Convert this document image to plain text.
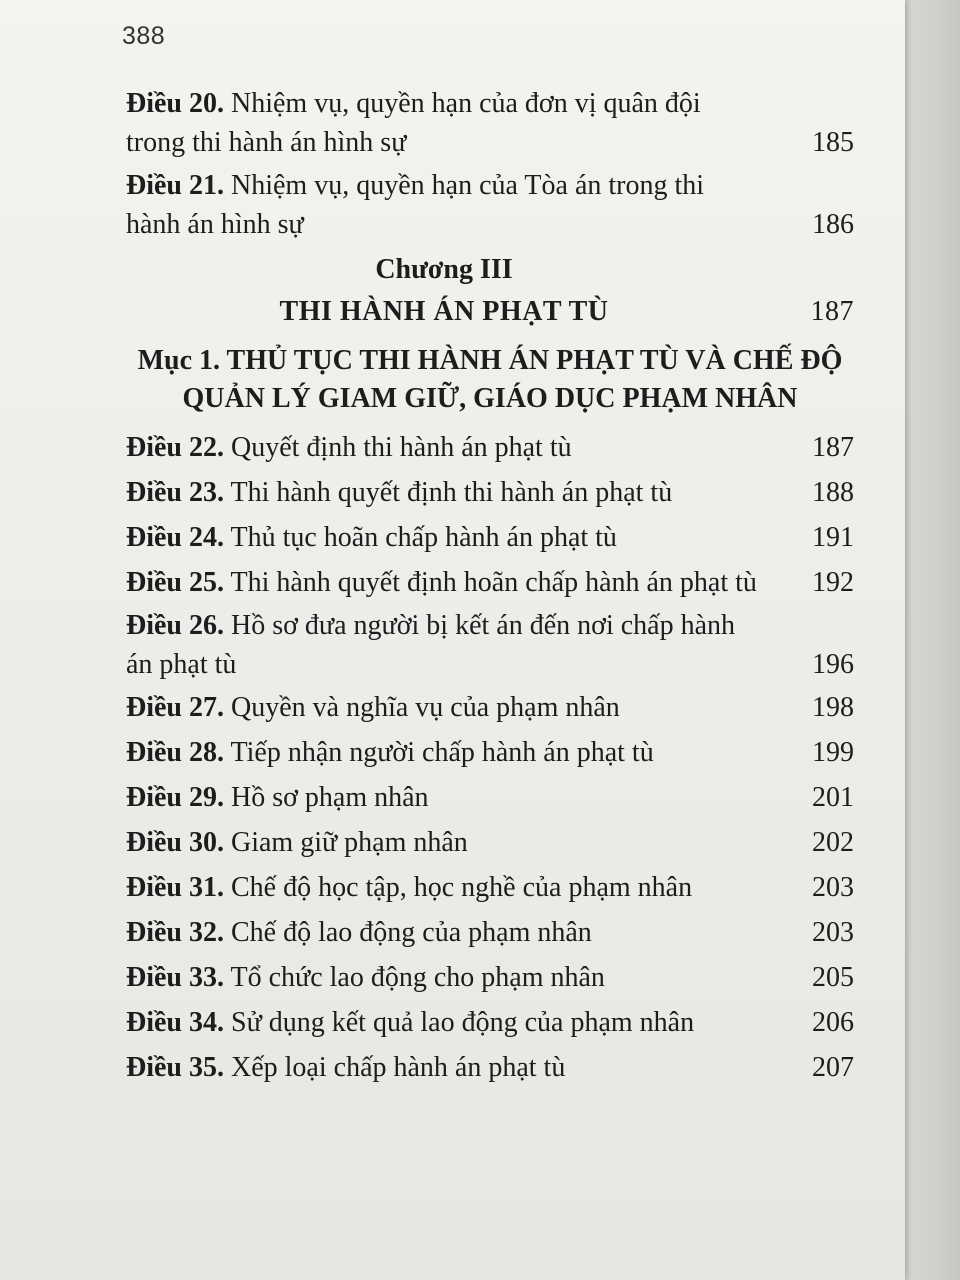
388
Điều 20. Nhiệm vụ, quyền hạn của đơn vị quân đội trong thi hành án hình sự	185
Điều 21. Nhiệm vụ, quyền hạn của Tòa án trong thi hành án hình sự	186
Chương III
THI HÀNH ÁN PHẠT TÙ	187
Mục 1. THỦ TỤC THI HÀNH ÁN PHẠT TÙ VÀ CHẾ ĐỘ QUẢN LÝ GIAM GIỮ, GIÁO DỤC PHẠM NHÂN
Điều 22. Quyết định thi hành án phạt tù	187
Điều 23. Thi hành quyết định thi hành án phạt tù	188
Điều 24. Thủ tục hoãn chấp hành án phạt tù	191
Điều 25. Thi hành quyết định hoãn chấp hành án phạt tù	192
Điều 26. Hồ sơ đưa người bị kết án đến nơi chấp hành án phạt tù	196
Điều 27. Quyền và nghĩa vụ của phạm nhân	198
Điều 28. Tiếp nhận người chấp hành án phạt tù	199
Điều 29. Hồ sơ phạm nhân	201
Điều 30. Giam giữ phạm nhân	202
Điều 31. Chế độ học tập, học nghề của phạm nhân	203
Điều 32. Chế độ lao động của phạm nhân	203
Điều 33. Tổ chức lao động cho phạm nhân	205
Điều 34. Sử dụng kết quả lao động của phạm nhân	206
Điều 35. Xếp loại chấp hành án phạt tù	207
